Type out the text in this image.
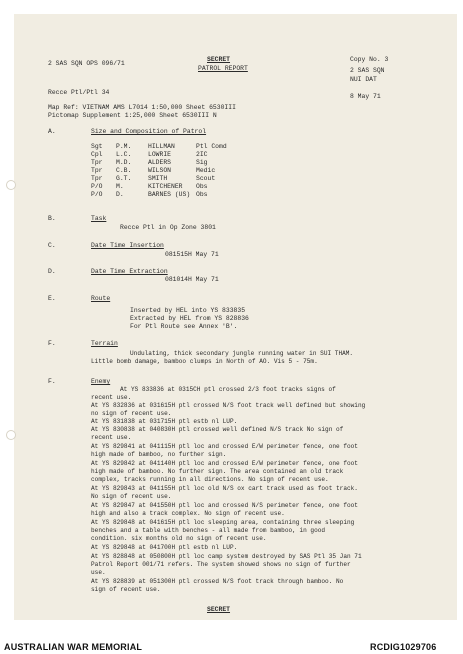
2 SAS SQN OPS 096/71
SECRET
PATROL REPORT
Copy No. 3
2 SAS SQN
NUI DAT
8 May 71
Recce Ptl/Ptl 34
Map Ref: VIETNAM AMS L7014 1:50,000 Sheet 6530III
Pictomap Supplement 1:25,000 Sheet 6530III N
A.	Size and Composition of Patrol
Sgt P.M.	HILLMAN	Ptl Comd
Cpl L.C.	LOWRIE	2IC
Tpr M.D.	ALDERS	Sig
Tpr C.B.	WILSON	Medic
Tpr G.T.	SMITH	Scout
P/O M.	KITCHENER Obs
P/O D.	BARNES (US) Obs
B.	Task
Recce Ptl in Op Zone 3801
C.	Date Time Insertion
081515H May 71
D.	Date Time Extraction
081014H May 71
E.	Route
Inserted by HEL into YS 833835
Extracted by HEL from YS 828836
For Ptl Route see Annex 'B'.
F.	Terrain
Undulating, thick secondary jungle running water in SUI THAM.
Little bomb damage, bamboo clumps in North of AO. Vis 5 - 75m.
F.	Enemy
At YS 833836 at 0315CH ptl crossed 2/3 foot tracks signs of
recent use.
At YS 832836 at 031615H ptl crossed N/S foot track well defined but showing
no sign of recent use.
At YS 831838 at 031715H ptl estb nl LUP.
At YS 830838 at 040830H ptl crossed well defined N/S track No sign of
recent use.
At YS 829841 at 041115H ptl loc and crossed E/W perimeter fence, one foot
high made of bamboo, no further sign.
At YS 829842 at 041140H ptl loc and crossed E/W perimeter fence, one foot
high made of bamboo. No further sign. The area contained an old track
complex, tracks running in all directions. No sign of recent use.
At YS 829843 at 041155H ptl loc old N/S ox cart track used as foot track.
No sign of recent use.
At YS 829847 at 041550H ptl loc and crossed N/S perimeter fence, one foot
high and also a track complex. No sign of recent use.
At YS 829848 at 041615H ptl loc sleeping area, containing three sleeping
benches and a table with benches - all made from bamboo, in good
condition. six months old no sign of recent use.
At YS 829848 at 041700H ptl estb nl LUP.
At YS 828848 at 050800H ptl loc camp system destroyed by SAS Ptl 35 Jan 71
Patrol Report 001/71 refers. The system showed shows no sign of further
use.
At YS 828839 at 051300H ptl crossed N/S foot track through bamboo. No
sign of recent use.
SECRET
AUSTRALIAN WAR MEMORIAL	RCDIG1029706
